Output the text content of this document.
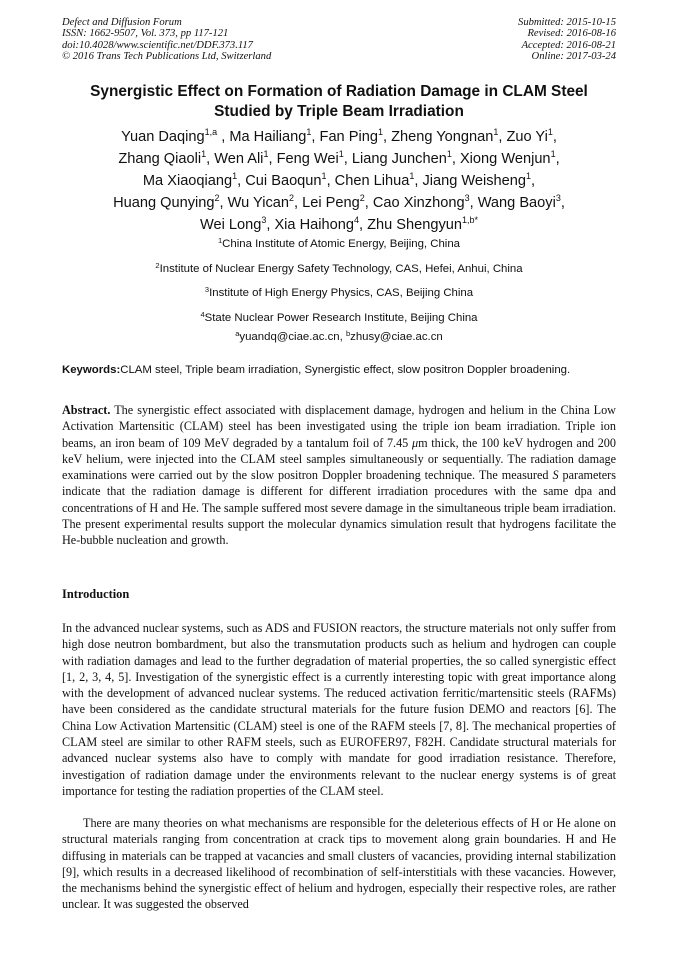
Defect and Diffusion Forum
ISSN: 1662-9507, Vol. 373, pp 117-121
doi:10.4028/www.scientific.net/DDF.373.117
© 2016 Trans Tech Publications Ltd, Switzerland
Submitted: 2015-10-15
Revised: 2016-08-16
Accepted: 2016-08-21
Online: 2017-03-24
Synergistic Effect on Formation of Radiation Damage in CLAM Steel
Studied by Triple Beam Irradiation
Yuan Daqing$^{1,a}$ , Ma Hailiang$^1$, Fan Ping$^1$, Zheng Yongnan$^1$, Zuo Yi$^1$,
Zhang Qiaoli$^1$, Wen Ali$^1$, Feng Wei$^1$, Liang Junchen$^1$, Xiong Wenjun$^1$,
Ma Xiaoqiang$^1$, Cui Baoqun$^1$, Chen Lihua$^1$, Jiang Weisheng$^1$,
Huang Qunying$^2$, Wu Yican$^2$, Lei Peng$^2$, Cao Xinzhong$^3$, Wang Baoyi$^3$,
Wei Long$^3$, Xia Haihong$^4$, Zhu Shengyun$^{1,b*}$
$^1$China Institute of Atomic Energy, Beijing, China
$^2$Institute of Nuclear Energy Safety Technology, CAS, Hefei, Anhui, China
$^3$Institute of High Energy Physics, CAS, Beijing China
$^4$State Nuclear Power Research Institute, Beijing China
$^a$yuandq@ciae.ac.cn, $^b$zhusy@ciae.ac.cn
Keywords:CLAM steel, Triple beam irradiation, Synergistic effect, slow positron Doppler broadening.
Abstract. The synergistic effect associated with displacement damage, hydrogen and helium in the China Low Activation Martensitic (CLAM) steel has been investigated using the triple ion beam irradiation. Triple ion beams, an iron beam of 109 MeV degraded by a tantalum foil of 7.45 μm thick, the 100 keV hydrogen and 200 keV helium, were injected into the CLAM steel samples simultaneously or sequentially. The radiation damage examinations were carried out by the slow positron Doppler broadening technique. The measured S parameters indicate that the radiation damage is different for different irradiation procedures with the same dpa and concentrations of H and He. The sample suffered most severe damage in the simultaneous triple beam irradiation. The present experimental results support the molecular dynamics simulation result that hydrogens facilitate the He-bubble nucleation and growth.
Introduction

In the advanced nuclear systems, such as ADS and FUSION reactors, the structure materials not only suffer from high dose neutron bombardment, but also the transmutation products such as helium and hydrogen can couple with radiation damages and lead to the further degradation of material properties, the so called synergistic effect [1, 2, 3, 4, 5]. Investigation of the synergistic effect is a currently interesting topic with great importance along with the development of advanced nuclear systems. The reduced activation ferritic/martensitic steels (RAFMs) have been considered as the candidate structural materials for the future fusion DEMO and reactors [6]. The China Low Activation Martensitic (CLAM) steel is one of the RAFM steels [7, 8]. The mechanical properties of CLAM steel are similar to other RAFM steels, such as EUROFER97, F82H. Candidate structural materials for advanced nuclear systems also have to comply with mandate for good irradiation resistance. Therefore, investigation of radiation damage under the environments relevant to the nuclear energy systems is of great importance for testing the radiation properties of the CLAM steel.

There are many theories on what mechanisms are responsible for the deleterious effects of H or He alone on structural materials ranging from concentration at crack tips to movement along grain boundaries. H and He diffusing in materials can be trapped at vacancies and small clusters of vacancies, providing internal stabilization [9], which results in a decreased likelihood of recombination of self-interstitials with these vacancies. However, the mechanisms behind the synergistic effect of helium and hydrogen, especially their respective roles, are rather unclear. It was suggested the observed
